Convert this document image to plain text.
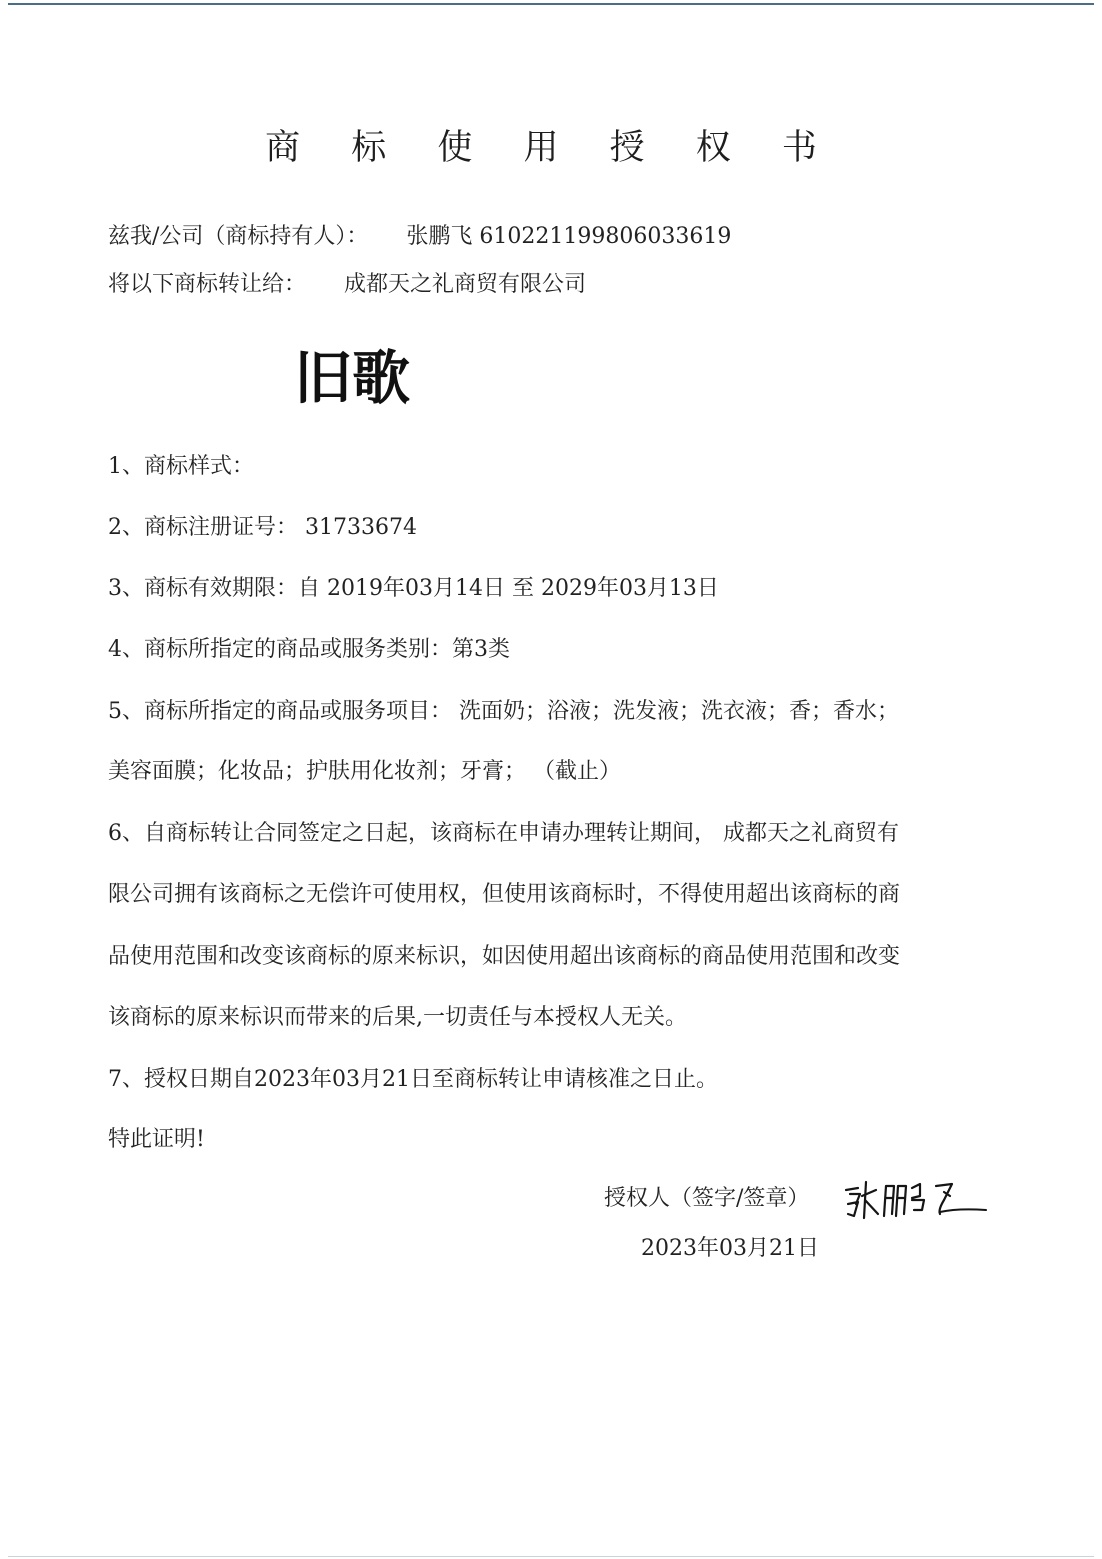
商 标 使 用 授 权 书
兹我/公司（商标持有人）： 张鹏飞 610221199806033619
将以下商标转让给： 成都天之礼商贸有限公司
旧歌
1、商标样式：
2、商标注册证号： 31733674
3、商标有效期限：自 2019年03月14日 至 2029年03月13日
4、商标所指定的商品或服务类别：第3类
5、商标所指定的商品或服务项目： 洗面奶；浴液；洗发液；洗衣液；香；香水；
美容面膜；化妆品；护肤用化妆剂；牙膏； （截止）
6、自商标转让合同签定之日起，该商标在申请办理转让期间， 成都天之礼商贸有
限公司拥有该商标之无偿许可使用权，但使用该商标时，不得使用超出该商标的商
品使用范围和改变该商标的原来标识，如因使用超出该商标的商品使用范围和改变
该商标的原来标识而带来的后果,一切责任与本授权人无关。
7、授权日期自2023年03月21日至商标转让申请核准之日止。
特此证明!
授权人（签字/签章）
2023年03月21日
